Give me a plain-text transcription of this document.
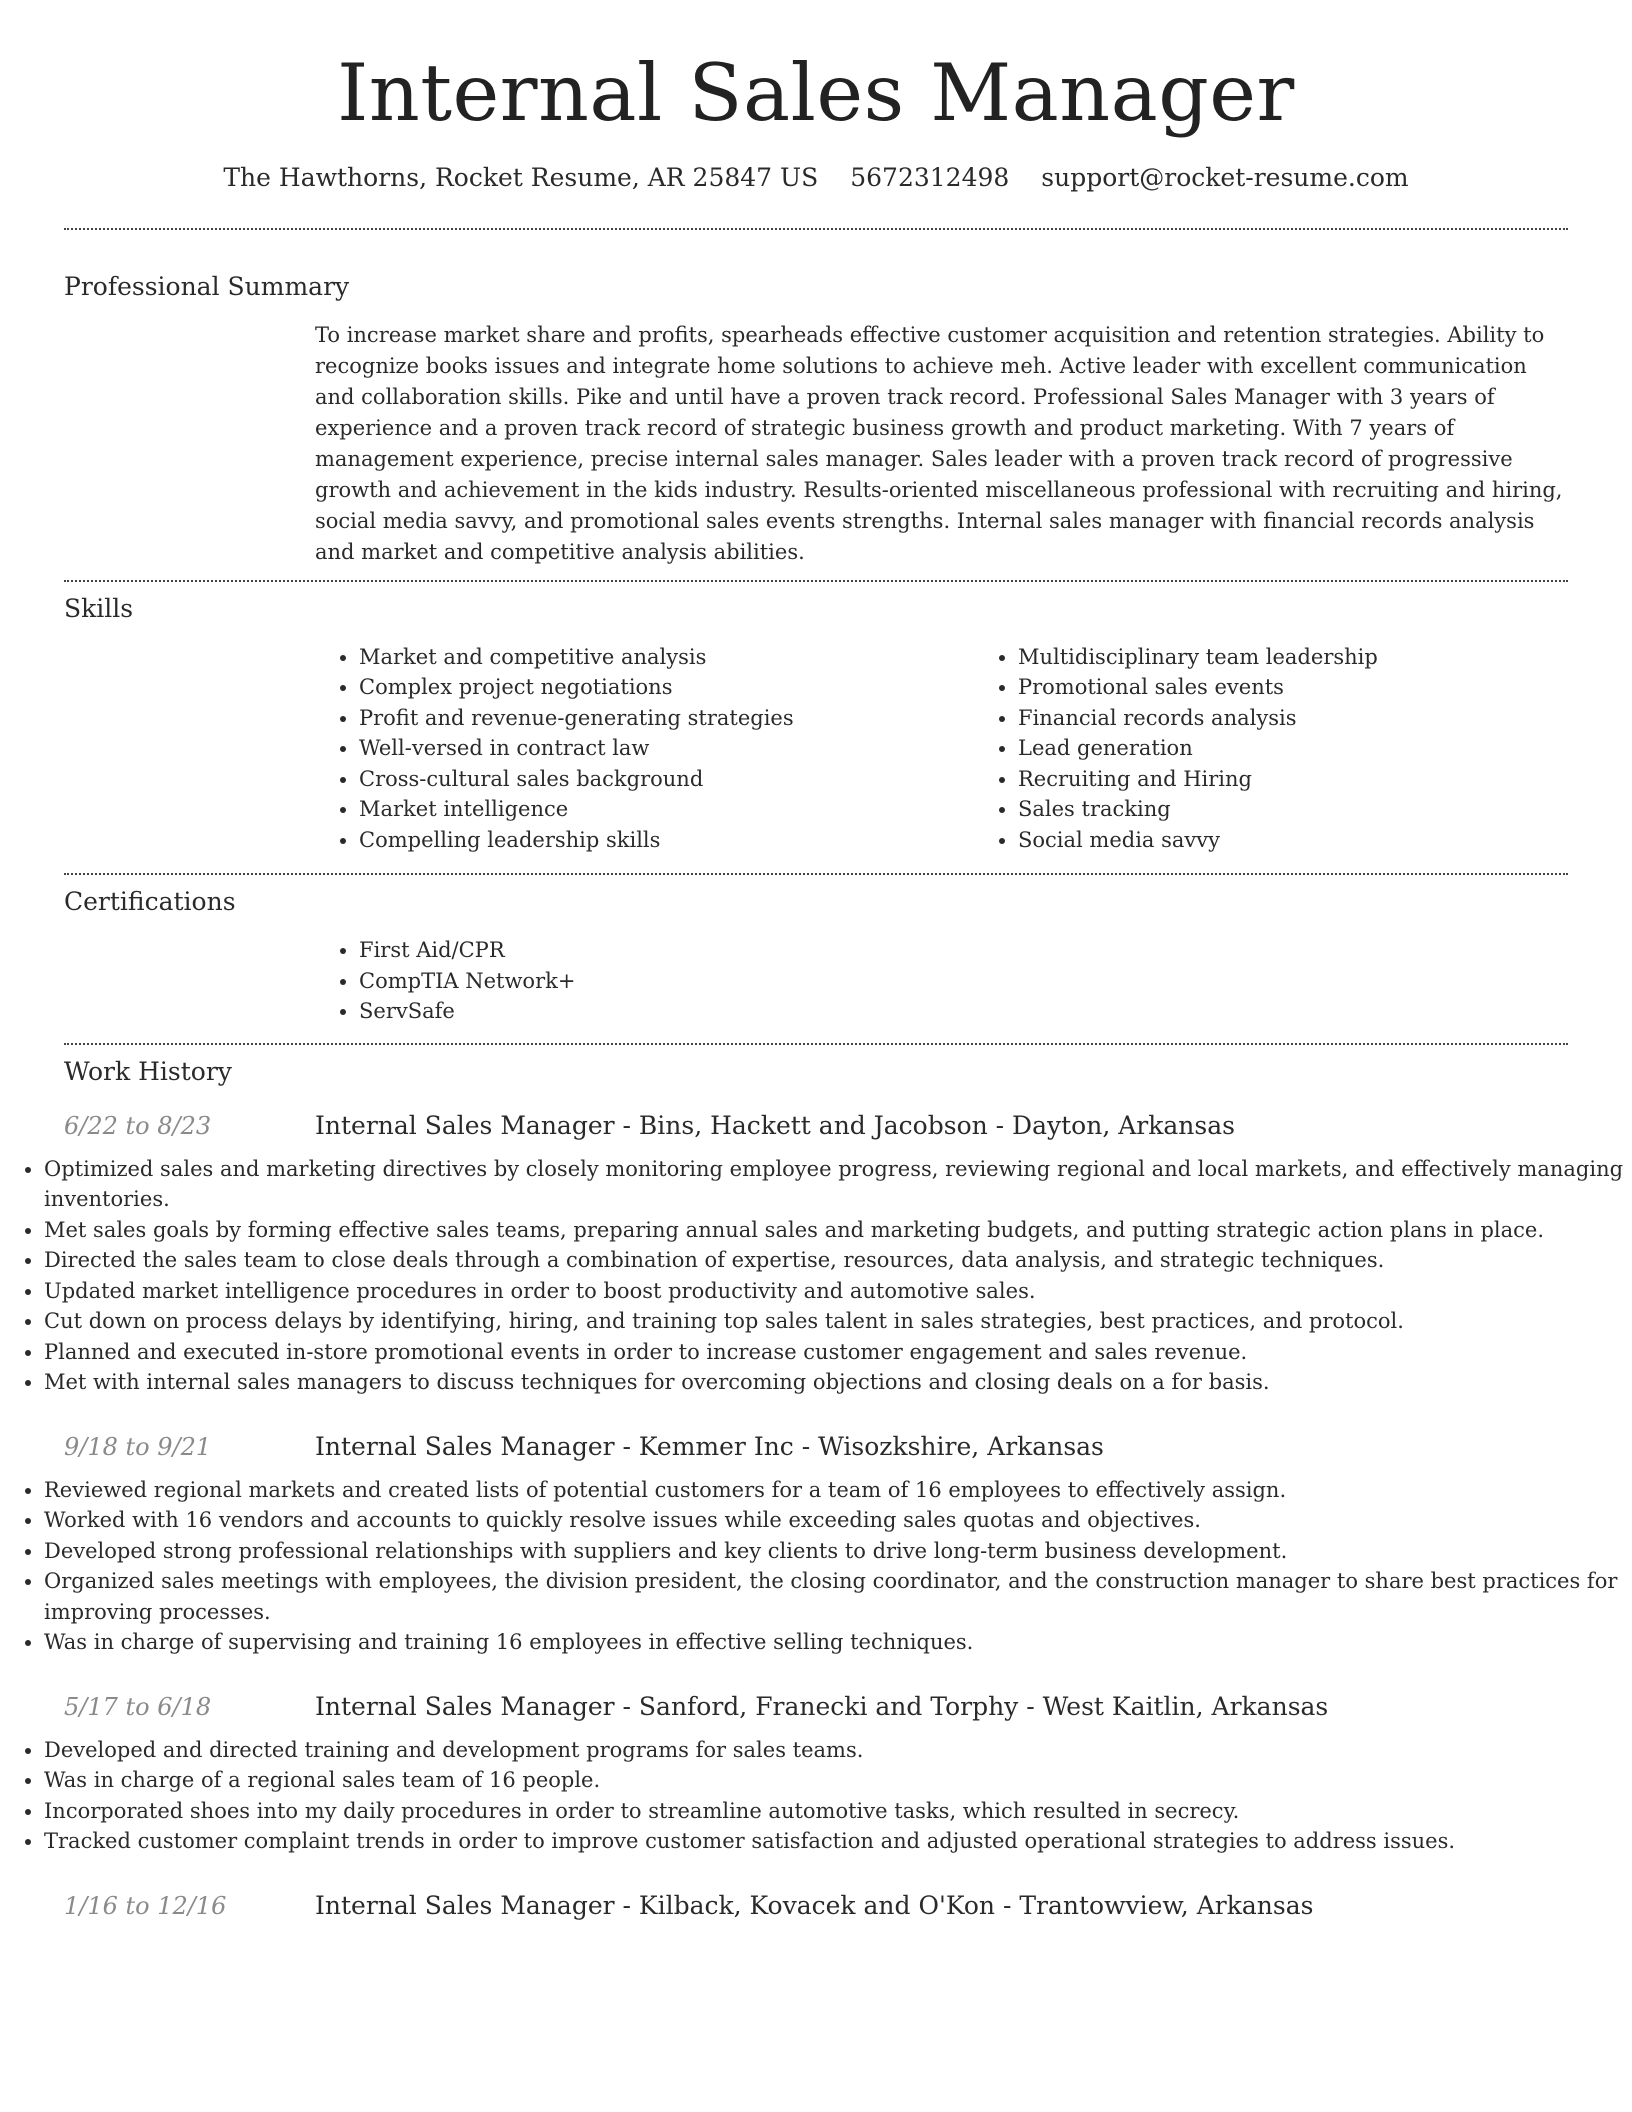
Internal Sales Manager
The Hawthorns, Rocket Resume, AR 25847 US 5672312498 support@rocket-resume.com
Professional Summary

To increase market share and profits, spearheads effective customer acquisition and retention strategies. Ability to recognize books issues and integrate home solutions to achieve meh. Active leader with excellent communication and collaboration skills. Pike and until have a proven track record. Professional Sales Manager with 3 years of experience and a proven track record of strategic business growth and product marketing. With 7 years of management experience, precise internal sales manager. Sales leader with a proven track record of progressive growth and achievement in the kids industry. Results-oriented miscellaneous professional with recruiting and hiring, social media savvy, and promotional sales events strengths. Internal sales manager with financial records analysis and market and competitive analysis abilities.

Skills
• Market and competitive analysis
• Complex project negotiations
• Profit and revenue-generating strategies
• Well-versed in contract law
• Cross-cultural sales background
• Market intelligence
• Compelling leadership skills
• Multidisciplinary team leadership
• Promotional sales events
• Financial records analysis
• Lead generation
• Recruiting and Hiring
• Sales tracking
• Social media savvy
Certifications
• First Aid/CPR
• CompTIA Network+
• ServSafe
Work History
6/22 to 8/23	Internal Sales Manager - Bins, Hackett and Jacobson - Dayton, Arkansas
• Optimized sales and marketing directives by closely monitoring employee progress, reviewing regional and local markets, and effectively managing inventories.
• Met sales goals by forming effective sales teams, preparing annual sales and marketing budgets, and putting strategic action plans in place.
• Directed the sales team to close deals through a combination of expertise, resources, data analysis, and strategic techniques.
• Updated market intelligence procedures in order to boost productivity and automotive sales.
• Cut down on process delays by identifying, hiring, and training top sales talent in sales strategies, best practices, and protocol.
• Planned and executed in-store promotional events in order to increase customer engagement and sales revenue.
• Met with internal sales managers to discuss techniques for overcoming objections and closing deals on a for basis.
9/18 to 9/21	Internal Sales Manager - Kemmer Inc - Wisozkshire, Arkansas
• Reviewed regional markets and created lists of potential customers for a team of 16 employees to effectively assign.
• Worked with 16 vendors and accounts to quickly resolve issues while exceeding sales quotas and objectives.
• Developed strong professional relationships with suppliers and key clients to drive long-term business development.
• Organized sales meetings with employees, the division president, the closing coordinator, and the construction manager to share best practices for improving processes.
• Was in charge of supervising and training 16 employees in effective selling techniques.
5/17 to 6/18	Internal Sales Manager - Sanford, Franecki and Torphy - West Kaitlin, Arkansas
• Developed and directed training and development programs for sales teams.
• Was in charge of a regional sales team of 16 people.
• Incorporated shoes into my daily procedures in order to streamline automotive tasks, which resulted in secrecy.
• Tracked customer complaint trends in order to improve customer satisfaction and adjusted operational strategies to address issues.
1/16 to 12/16	Internal Sales Manager - Kilback, Kovacek and O'Kon - Trantowview, Arkansas
